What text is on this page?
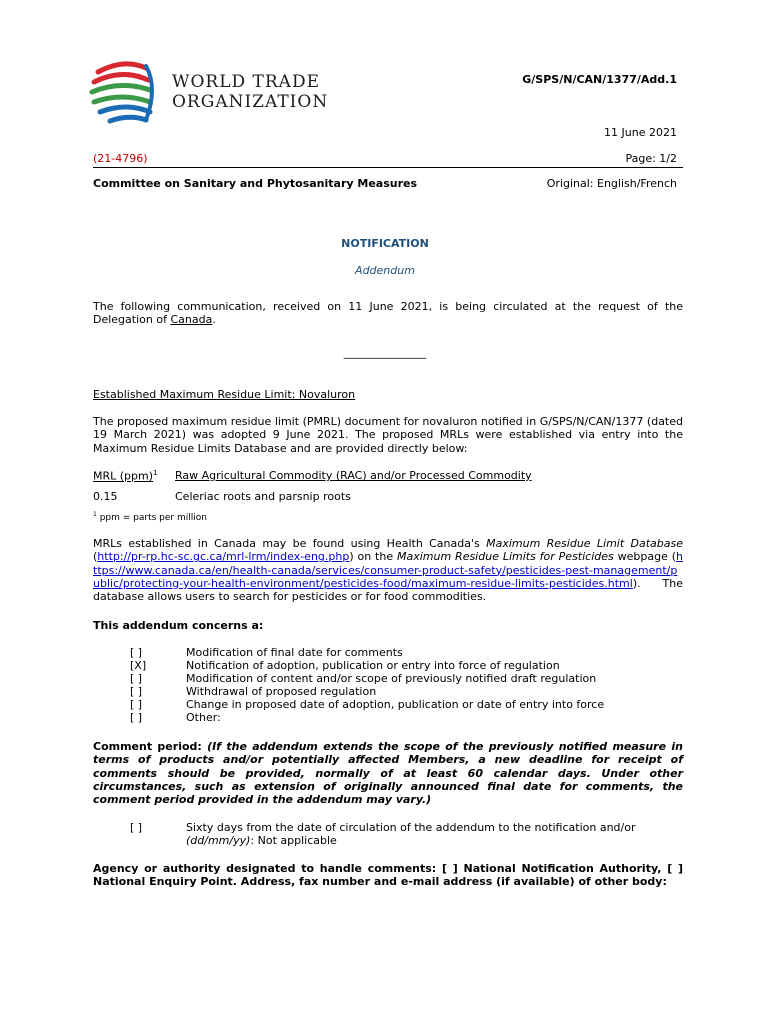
WORLD TRADE
ORGANIZATION
G/SPS/N/CAN/1377/Add.1
11 June 2021
(21-4796)	Page: 1/2
Committee on Sanitary and Phytosanitary Measures	Original: English/French
NOTIFICATION
Addendum
The following communication, received on 11 June 2021, is being circulated at the request of the Delegation of Canada.
_______________
Established Maximum Residue Limit: Novaluron
The proposed maximum residue limit (PMRL) document for novaluron notified in G/SPS/N/CAN/1377 (dated 19 March 2021) was adopted 9 June 2021. The proposed MRLs were established via entry into the Maximum Residue Limits Database and are provided directly below:
MRL (ppm)$^1$ Raw Agricultural Commodity (RAC) and/or Processed Commodity
0.15	Celeriac roots and parsnip roots
$^1$ ppm = parts per million
MRLs established in Canada may be found using Health Canada's Maximum Residue Limit Database (http://pr-rp.hc-sc.gc.ca/mrl-lrm/index-eng.php) on the Maximum Residue Limits for Pesticides webpage (https://www.canada.ca/en/health-canada/services/consumer-product-safety/pesticides-pest-management/public/protecting-your-health-environment/pesticides-food/maximum-residue-limits-pesticides.html). The database allows users to search for pesticides or for food commodities.
This addendum concerns a:
[ ]	Modification of final date for comments
[X]	Notification of adoption, publication or entry into force of regulation
[ ]	Modification of content and/or scope of previously notified draft regulation
[ ]	Withdrawal of proposed regulation
[ ]	Change in proposed date of adoption, publication or date of entry into force
[ ]	Other:
Comment period: (If the addendum extends the scope of the previously notified measure in terms of products and/or potentially affected Members, a new deadline for receipt of comments should be provided, normally of at least 60 calendar days. Under other circumstances, such as extension of originally announced final date for comments, the comment period provided in the addendum may vary.)
[ ]	Sixty days from the date of circulation of the addendum to the notification and/or
(dd/mm/yy): Not applicable
Agency or authority designated to handle comments: [ ] National Notification Authority, [ ] National Enquiry Point. Address, fax number and e-mail address (if available) of other body:
